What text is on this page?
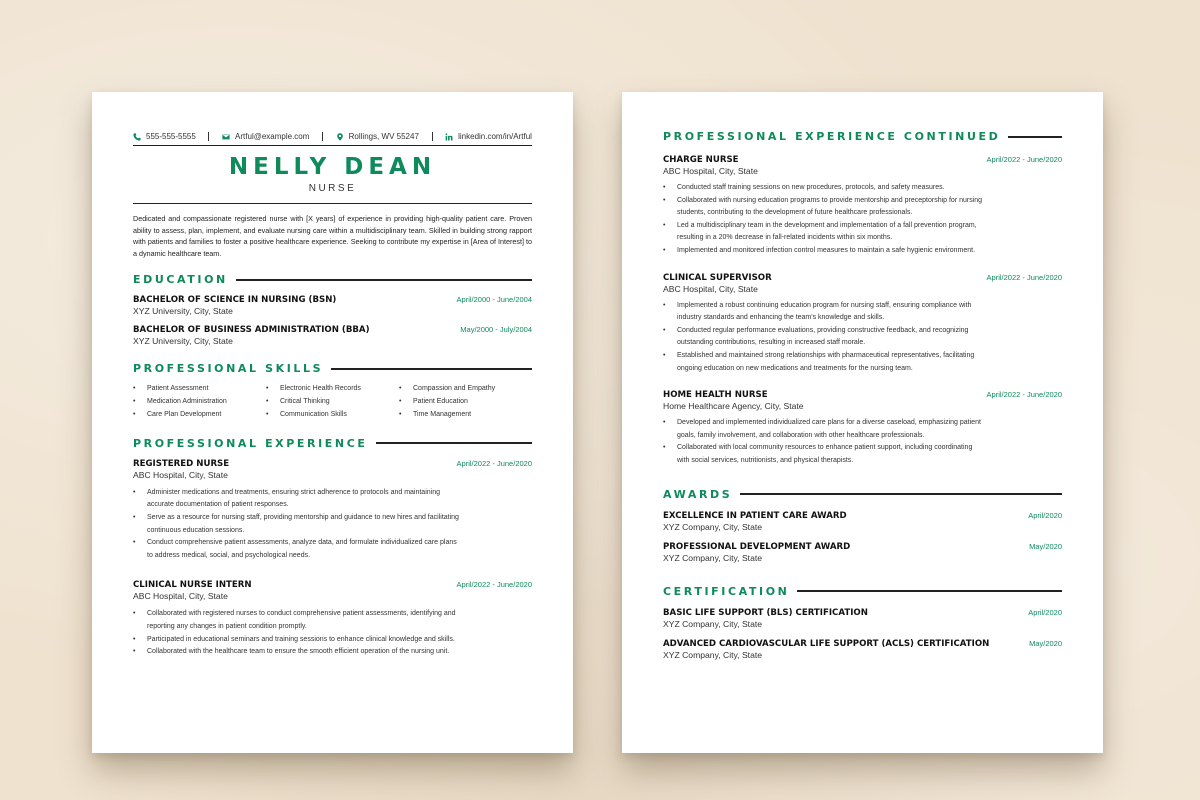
555-555-5555	Artful@example.com	Rollings, WV 55247	linkedin.com/in/Artful
NELLY DEAN
NURSE

Dedicated and compassionate registered nurse with [X years] of experience in providing high-quality patient care. Proven ability to assess, plan, implement, and evaluate nursing care within a multidisciplinary team. Skilled in building strong rapport with patients and families to foster a positive healthcare experience. Seeking to contribute my expertise in [Area of Interest] to a dynamic healthcare team.

EDUCATION
BACHELOR OF SCIENCE IN NURSING (BSN)	April/2000 - June/2004
XYZ University, City, State
BACHELOR OF BUSINESS ADMINISTRATION (BBA)	May/2000 - July/2004
XYZ University, City, State
PROFESSIONAL SKILLS
• Patient Assessment	• Electronic Health Records	• Compassion and Empathy
• Medication Administration	• Critical Thinking	• Patient Education
• Care Plan Development	• Communication Skills	• Time Management
PROFESSIONAL EXPERIENCE
REGISTERED NURSE	April/2022 - June/2020
ABC Hospital, City, State
• Administer medications and treatments, ensuring strict adherence to protocols and maintaining
accurate documentation of patient responses.
• Serve as a resource for nursing staff, providing mentorship and guidance to new hires and facilitating
continuous education sessions.
• Conduct comprehensive patient assessments, analyze data, and formulate individualized care plans
to address medical, social, and psychological needs.
CLINICAL NURSE INTERN	April/2022 - June/2020
ABC Hospital, City, State
• Collaborated with registered nurses to conduct comprehensive patient assessments, identifying and
reporting any changes in patient condition promptly.
• Participated in educational seminars and training sessions to enhance clinical knowledge and skills.
• Collaborated with the healthcare team to ensure the smooth efficient operation of the nursing unit.
PROFESSIONAL EXPERIENCE CONTINUED
CHARGE NURSE	April/2022 - June/2020
ABC Hospital, City, State
• Conducted staff training sessions on new procedures, protocols, and safety measures.
• Collaborated with nursing education programs to provide mentorship and preceptorship for nursing
students, contributing to the development of future healthcare professionals.
• Led a multidisciplinary team in the development and implementation of a fall prevention program,
resulting in a 20% decrease in fall-related incidents within six months.
• Implemented and monitored infection control measures to maintain a safe hygienic environment.
CLINICAL SUPERVISOR	April/2022 - June/2020
ABC Hospital, City, State
• Implemented a robust continuing education program for nursing staff, ensuring compliance with
industry standards and enhancing the team's knowledge and skills.
• Conducted regular performance evaluations, providing constructive feedback, and recognizing
outstanding contributions, resulting in increased staff morale.
• Established and maintained strong relationships with pharmaceutical representatives, facilitating
ongoing education on new medications and treatments for the nursing team.
HOME HEALTH NURSE	April/2022 - June/2020
Home Healthcare Agency, City, State
• Developed and implemented individualized care plans for a diverse caseload, emphasizing patient
goals, family involvement, and collaboration with other healthcare professionals.
• Collaborated with local community resources to enhance patient support, including coordinating
with social services, nutritionists, and physical therapists.
AWARDS
EXCELLENCE IN PATIENT CARE AWARD	April/2020
XYZ Company, City, State
PROFESSIONAL DEVELOPMENT AWARD	May/2020
XYZ Company, City, State
CERTIFICATION
BASIC LIFE SUPPORT (BLS) CERTIFICATION	April/2020
XYZ Company, City, State
ADVANCED CARDIOVASCULAR LIFE SUPPORT (ACLS) CERTIFICATION	May/2020
XYZ Company, City, State
